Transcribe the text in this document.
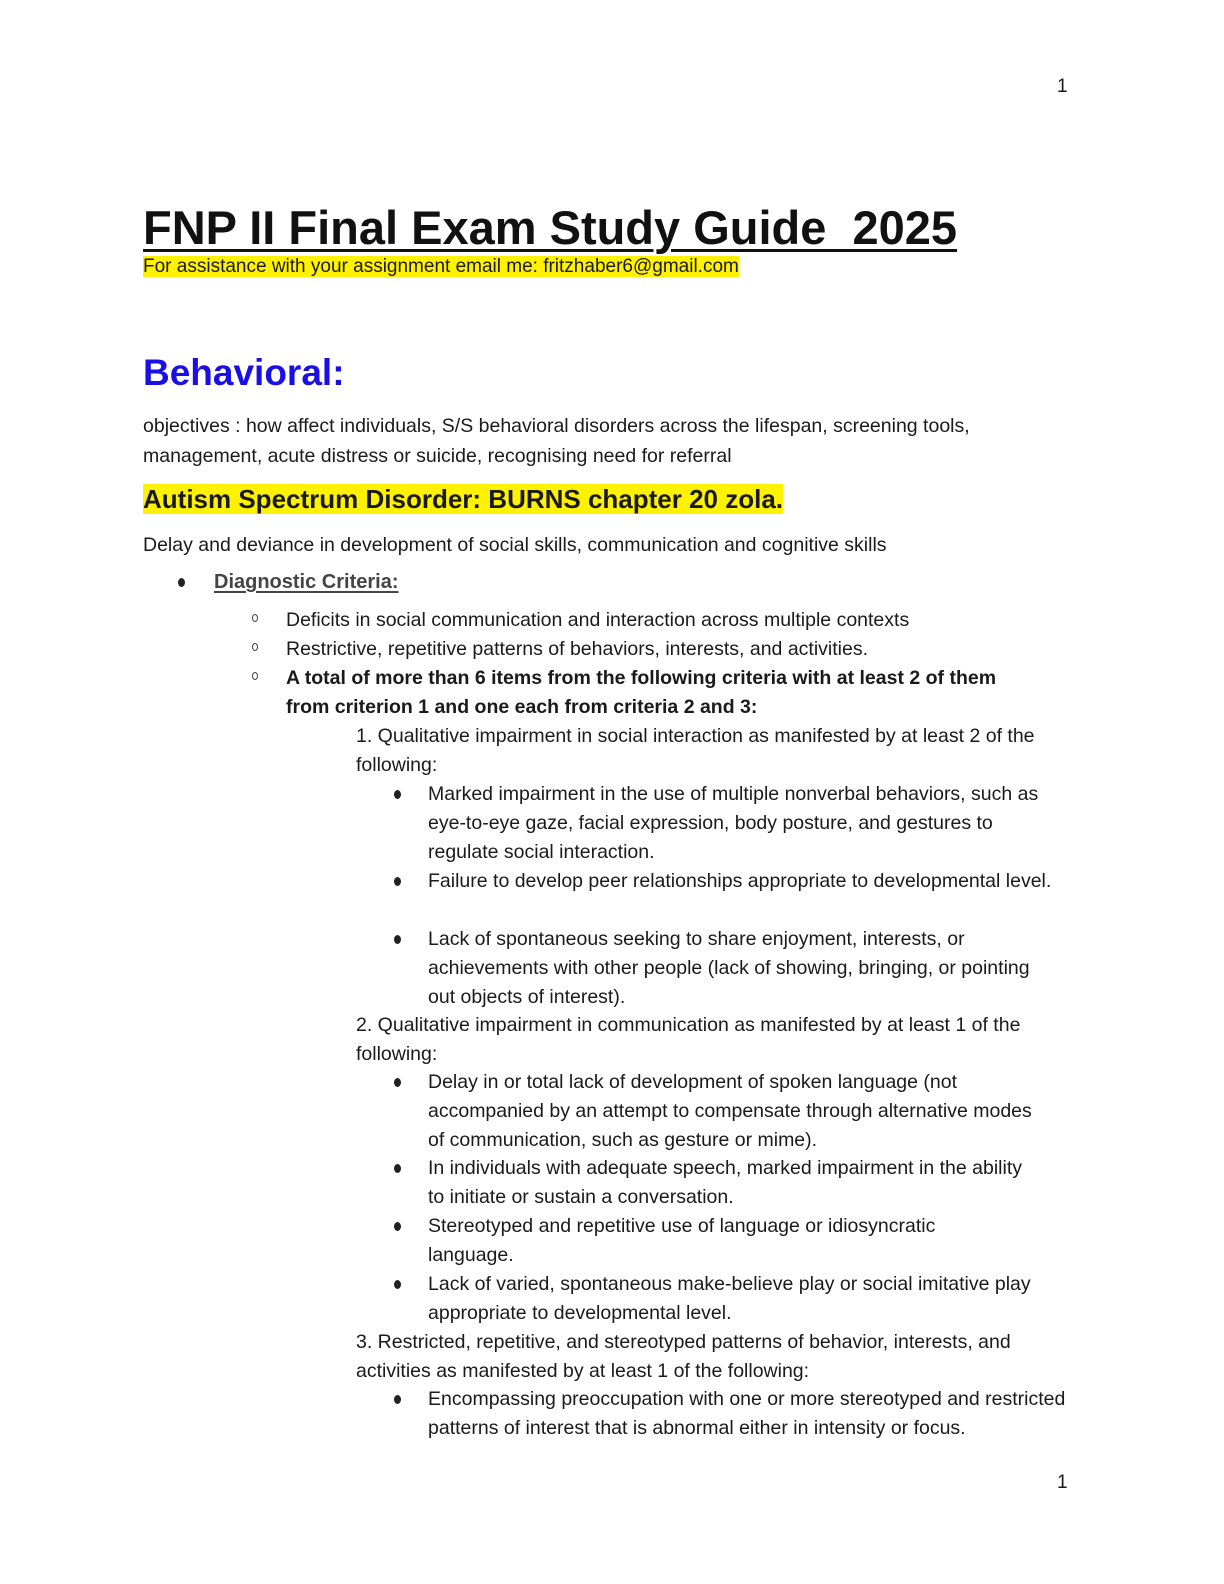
1
FNP II Final Exam Study Guide  2025
For assistance with your assignment email me: fritzhaber6@gmail.com
Behavioral:
objectives : how affect individuals, S/S behavioral disorders across the lifespan, screening tools, management, acute distress or suicide, recognising need for referral
Autism Spectrum Disorder: BURNS chapter 20 zola.
Delay and deviance in development of social skills, communication and cognitive skills
Diagnostic Criteria:
Deficits in social communication and interaction across multiple contexts
Restrictive, repetitive patterns of behaviors, interests, and activities.
A total of more than 6 items from the following criteria with at least 2 of them from criterion 1 and one each from criteria 2 and 3:
1. Qualitative impairment in social interaction as manifested by at least 2 of the following:
Marked impairment in the use of multiple nonverbal behaviors, such as eye-to-eye gaze, facial expression, body posture, and gestures to regulate social interaction.
Failure to develop peer relationships appropriate to developmental level.
Lack of spontaneous seeking to share enjoyment, interests, or achievements with other people (lack of showing, bringing, or pointing out objects of interest).
2. Qualitative impairment in communication as manifested by at least 1 of the following:
Delay in or total lack of development of spoken language (not accompanied by an attempt to compensate through alternative modes of communication, such as gesture or mime).
In individuals with adequate speech, marked impairment in the ability to initiate or sustain a conversation.
Stereotyped and repetitive use of language or idiosyncratic language.
Lack of varied, spontaneous make-believe play or social imitative play appropriate to developmental level.
3. Restricted, repetitive, and stereotyped patterns of behavior, interests, and activities as manifested by at least 1 of the following:
Encompassing preoccupation with one or more stereotyped and restricted patterns of interest that is abnormal either in intensity or focus.
1
